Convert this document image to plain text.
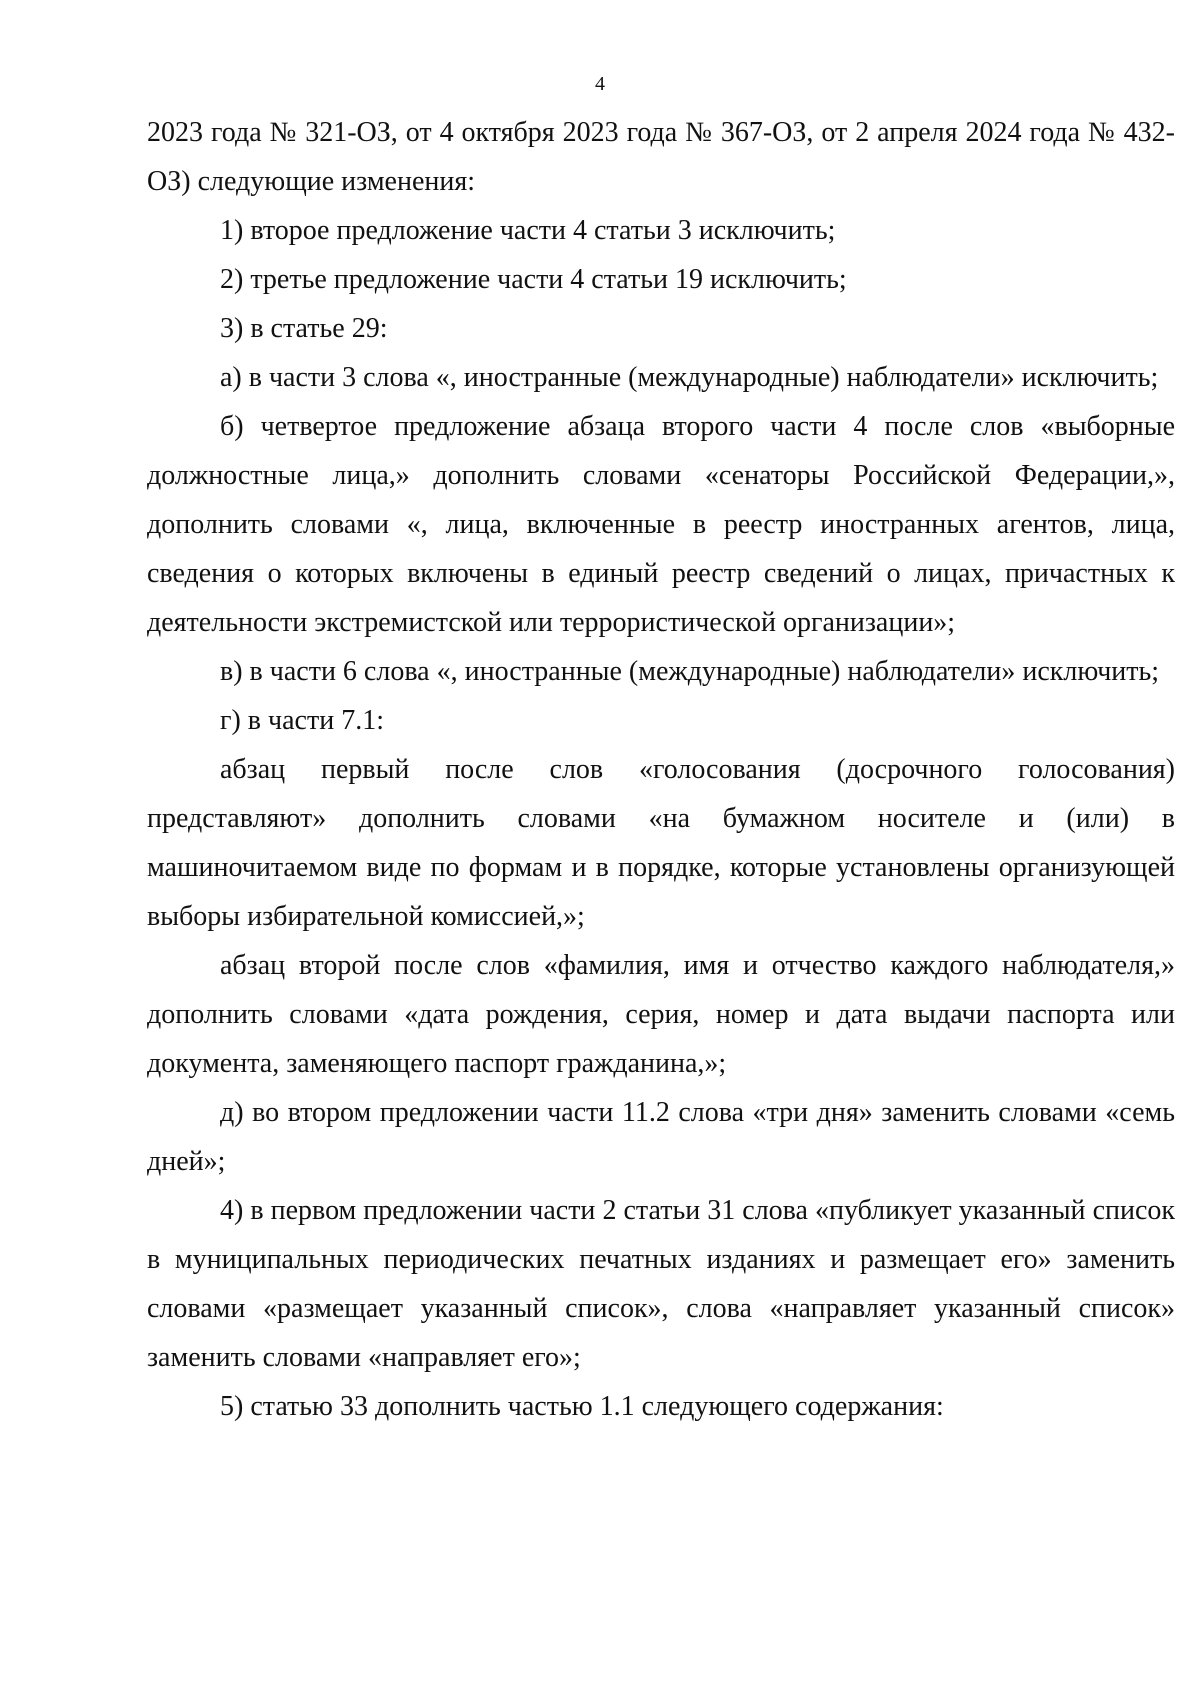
4

2023 года № 321-ОЗ, от 4 октября 2023 года № 367-ОЗ, от 2 апреля 2024 года № 432-ОЗ) следующие изменения:

1) второе предложение части 4 статьи 3 исключить;

2) третье предложение части 4 статьи 19 исключить;

3) в статье 29:

а) в части 3 слова «, иностранные (международные) наблюдатели» исключить;

б) четвертое предложение абзаца второго части 4 после слов «выборные должностные лица,» дополнить словами «сенаторы Российской Федерации,», дополнить словами «, лица, включенные в реестр иностранных агентов, лица, сведения о которых включены в единый реестр сведений о лицах, причастных к деятельности экстремистской или террористической организации»;

в) в части 6 слова «, иностранные (международные) наблюдатели» исключить;

г) в части 7.1:

абзац первый после слов «голосования (досрочного голосования) представляют» дополнить словами «на бумажном носителе и (или) в машиночитаемом виде по формам и в порядке, которые установлены организующей выборы избирательной комиссией,»;

абзац второй после слов «фамилия, имя и отчество каждого наблюдателя,» дополнить словами «дата рождения, серия, номер и дата выдачи паспорта или документа, заменяющего паспорт гражданина,»;

д) во втором предложении части 11.2 слова «три дня» заменить словами «семь дней»;

4) в первом предложении части 2 статьи 31 слова «публикует указанный список в муниципальных периодических печатных изданиях и размещает его» заменить словами «размещает указанный список», слова «направляет указанный список» заменить словами «направляет его»;

5) статью 33 дополнить частью 1.1 следующего содержания:
